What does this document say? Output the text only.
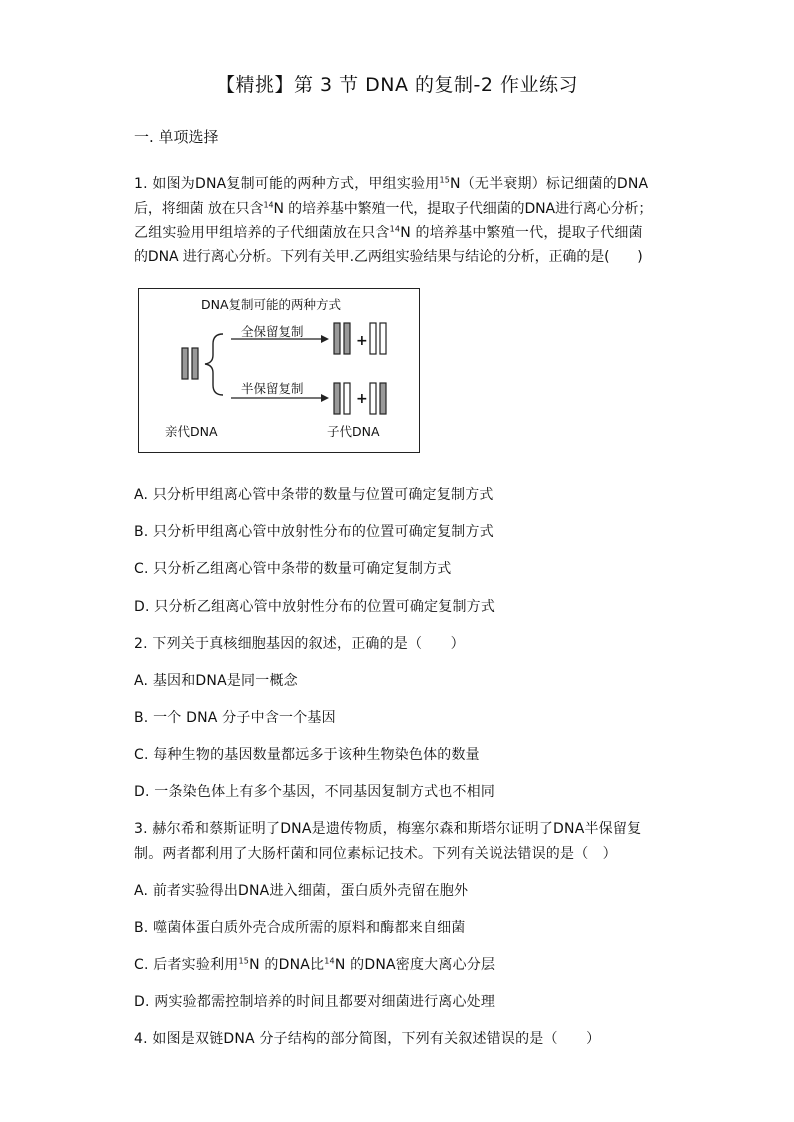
【精挑】第 3 节 DNA 的复制-2 作业练习
一. 单项选择
1. 如图为DNA复制可能的两种方式，甲组实验用$^{15}$N（无半衰期）标记细菌的DNA
后，将细菌 放在只含$^{14}$N 的培养基中繁殖一代，提取子代细菌的DNA进行离心分析；
乙组实验用甲组培养的子代细菌放在只含$^{14}$N 的培养基中繁殖一代，提取子代细菌
的DNA 进行离心分析。下列有关甲.乙两组实验结果与结论的分析，正确的是(　　)
DNA复制可能的两种方式
全保留复制
半保留复制
亲代DNA	子代DNA
+
+
A. 只分析甲组离心管中条带的数量与位置可确定复制方式
B. 只分析甲组离心管中放射性分布的位置可确定复制方式
C. 只分析乙组离心管中条带的数量可确定复制方式
D. 只分析乙组离心管中放射性分布的位置可确定复制方式
2. 下列关于真核细胞基因的叙述，正确的是（　　）
A. 基因和DNA是同一概念
B. 一个 DNA 分子中含一个基因
C. 每种生物的基因数量都远多于该种生物染色体的数量
D. 一条染色体上有多个基因，不同基因复制方式也不相同
3. 赫尔希和蔡斯证明了DNA是遗传物质，梅塞尔森和斯塔尔证明了DNA半保留复
制。两者都利用了大肠杆菌和同位素标记技术。下列有关说法错误的是（　）
A. 前者实验得出DNA进入细菌，蛋白质外壳留在胞外
B. 噬菌体蛋白质外壳合成所需的原料和酶都来自细菌
C. 后者实验利用$^{15}$N 的DNA比$^{14}$N 的DNA密度大离心分层
D. 两实验都需控制培养的时间且都要对细菌进行离心处理
4. 如图是双链DNA 分子结构的部分简图，下列有关叙述错误的是（　　）
